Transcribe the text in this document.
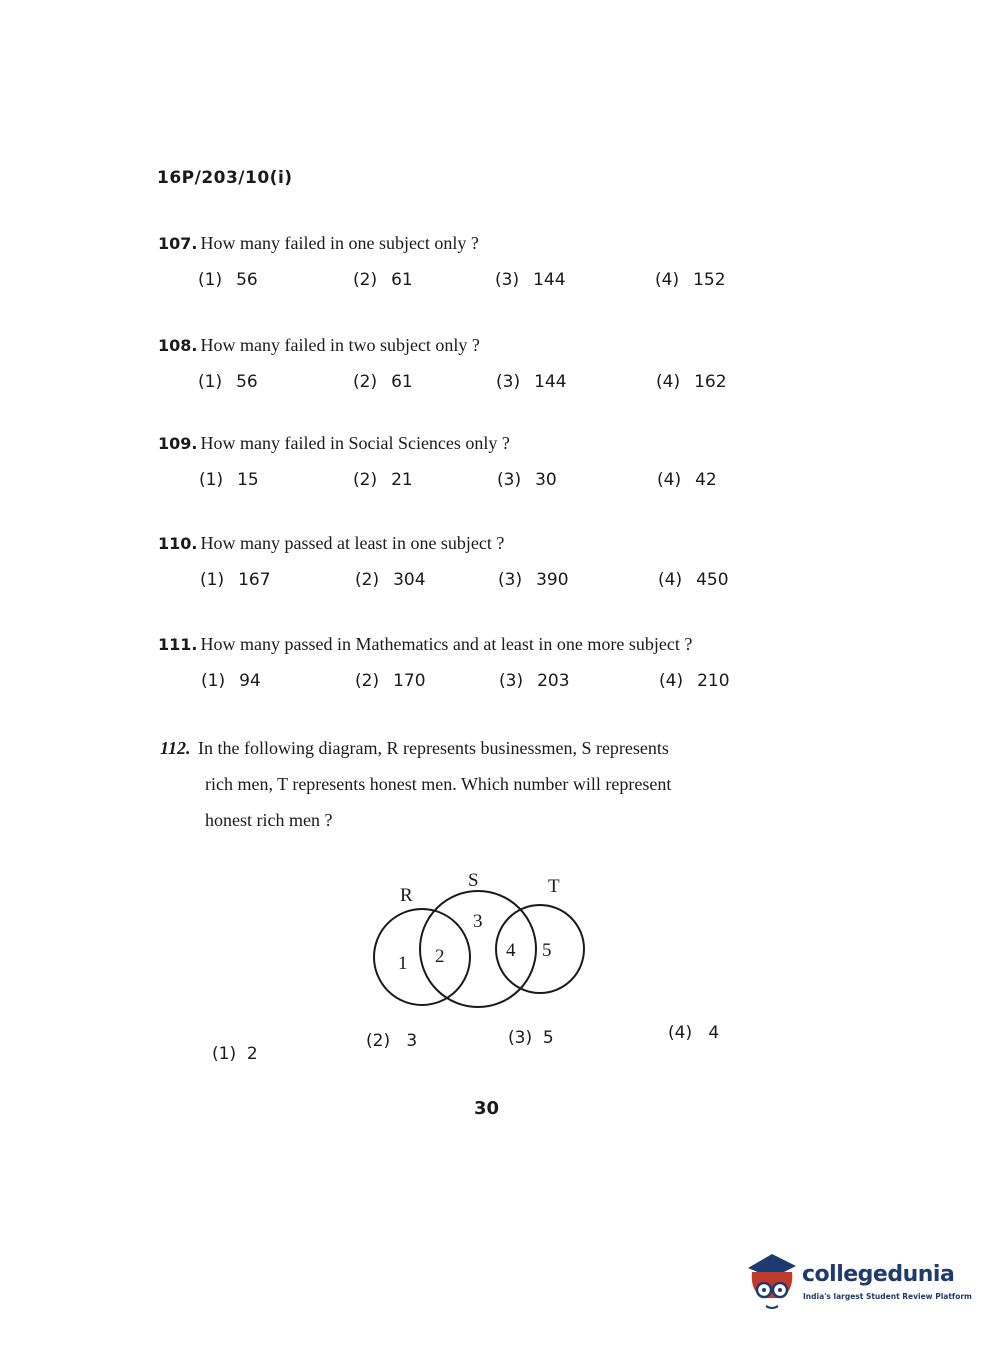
16P/203/10(i)
107. How many failed in one subject only ?
(1) 56	(2) 61	(3) 144	(4) 152
108. How many failed in two subject only ?
(1) 56	(2) 61	(3) 144	(4) 162
109. How many failed in Social Sciences only ?
(1) 15	(2) 21	(3) 30	(4) 42
110. How many passed at least in one subject ?
(1) 167	(2) 304	(3) 390	(4) 450
111. How many passed in Mathematics and at least in one more subject ?
(1) 94	(2) 170	(3) 203	(4) 210
112. In the following diagram, R represents businessmen, S represents
rich men, T represents honest men. Which number will represent
honest rich men ?
R
S	T
1 2
3
4 5
(1) 2
(2) 3	(3) 5	(4) 4
30
collegedunia
India's largest Student Review Platform
